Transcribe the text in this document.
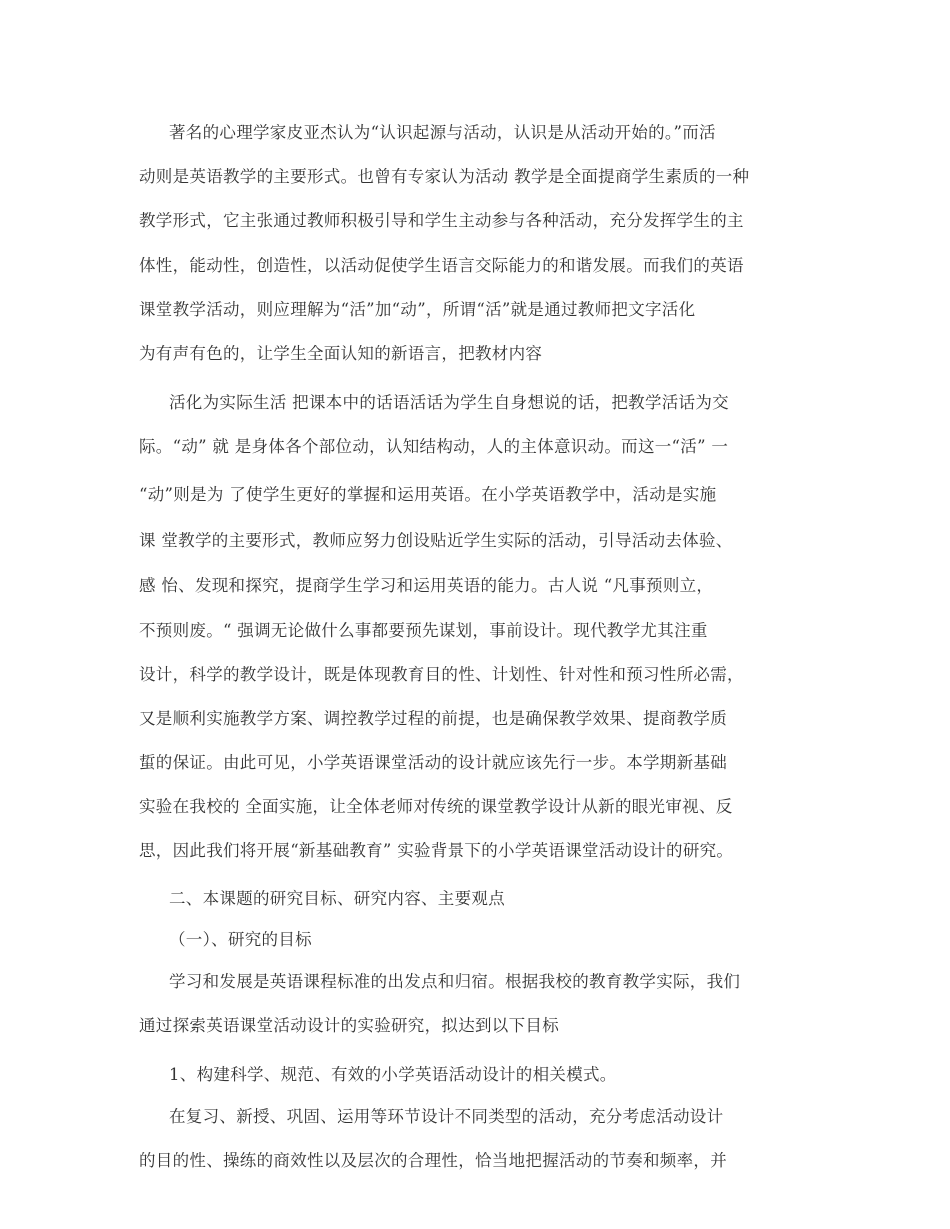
著名的心理学家皮亚杰认为“认识起源与活动，认识是从活动开始的。”而活
动则是英语教学的主要形式。也曾有专家认为活动 教学是全面提商学生素质的一种
教学形式，它主张通过教师积极引导和学生主动参与各种活动，充分发挥学生的主
体性，能动性，创造性，以活动促使学生语言交际能力的和谐发展。而我们的英语
课堂教学活动，则应理解为“活”加“动”，所谓“活”就是通过教师把文字活化
为有声有色的，让学生全面认知的新语言，把教材内容
活化为实际生活 把课本中的话语活话为学生自身想说的话，把教学活话为交
际。“动” 就 是身体各个部位动，认知结构动，人的主体意识动。而这一“活” 一
“动”则是为 了使学生更好的掌握和运用英语。在小学英语教学中，活动是实施
课 堂教学的主要形式，教师应努力创设贴近学生实际的活动，引导活动去体验、
感 怡、发现和探究，提商学生学习和运用英语的能力。古人说 “凡事预则立，
不预则废。“ 强调无论做什么事都要预先谋划，事前设计。现代教学尤其注重
设计，科学的教学设计，既是体现教育目的性、计划性、针对性和预习性所必需，
又是顺利实施教学方案、调控教学过程的前提，也是确保教学效果、提商教学质
蜇的保证。由此可见，小学英语课堂活动的设计就应该先行一步。本学期新基础
实验在我校的 全面实施，让全体老师对传统的课堂教学设计从新的眼光审视、反
思，因此我们将开展“新基础教育” 实验背景下的小学英语课堂活动设计的研究。
二、本课题的研究目标、研究内容、主要观点
（一）、研究的目标
学习和发展是英语课程标准的出发点和归宿。根据我校的教育教学实际，我们
通过探索英语课堂活动设计的实验研究，拟达到以下目标
1、构建科学、规范、有效的小学英语活动设计的相关模式。
在复习、新授、巩固、运用等环节设计不同类型的活动，充分考虑活动设计
的目的性、操练的商效性以及层次的合理性，恰当地把握活动的节奏和频率，并
